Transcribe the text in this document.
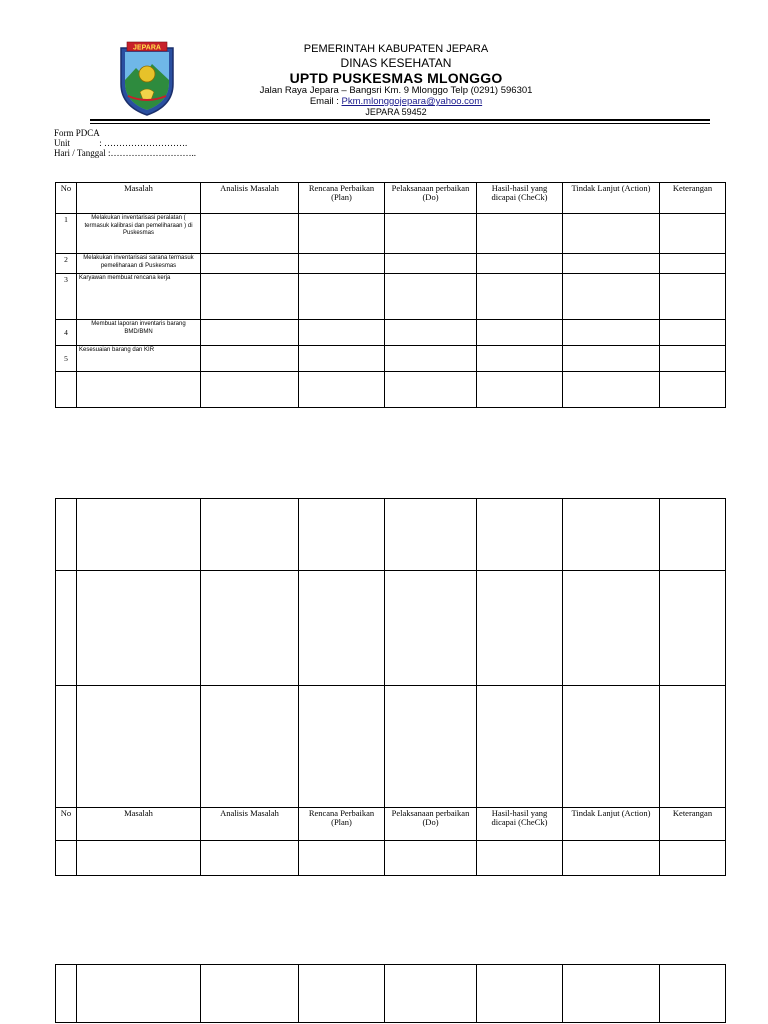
JEPARA	PEMERINTAH KABUPATEN JEPARA
DINAS KESEHATAN
UPTD PUSKESMAS MLONGGO
Jalan Raya Jepara – Bangsri Km. 9 Mlonggo Telp (0291) 596301
Email : Pkm.mlonggojepara@yahoo.com
JEPARA 59452
Form PDCA
Unit             : ……………………….
Hari / Tanggal :………………………..
No	Masalah	Analisis Masalah	Rencana Perbaikan (Plan)	Pelaksanaan perbaikan (Do)	Hasil-hasil yang dicapai (CheCk)	Tindak Lanjut (Action)	Keterangan
1	Melakukan inventarisasi peralatan ( termasuk kalibrasi dan pemeliharaan ) di Puskesmas						
2	Melakukan inventarisasi sarana termasuk pemeliharaan di Puskesmas						
3	Karyawan membuat rencana kerja						
4	Membuat laporan inventaris barang BMD/BMN						
5	Kesesuaian barang dan KIR						

No	Masalah	Analisis Masalah	Rencana Perbaikan (Plan)	Pelaksanaan perbaikan (Do)	Hasil-hasil yang dicapai (CheCk)	Tindak Lanjut (Action)	Keterangan
